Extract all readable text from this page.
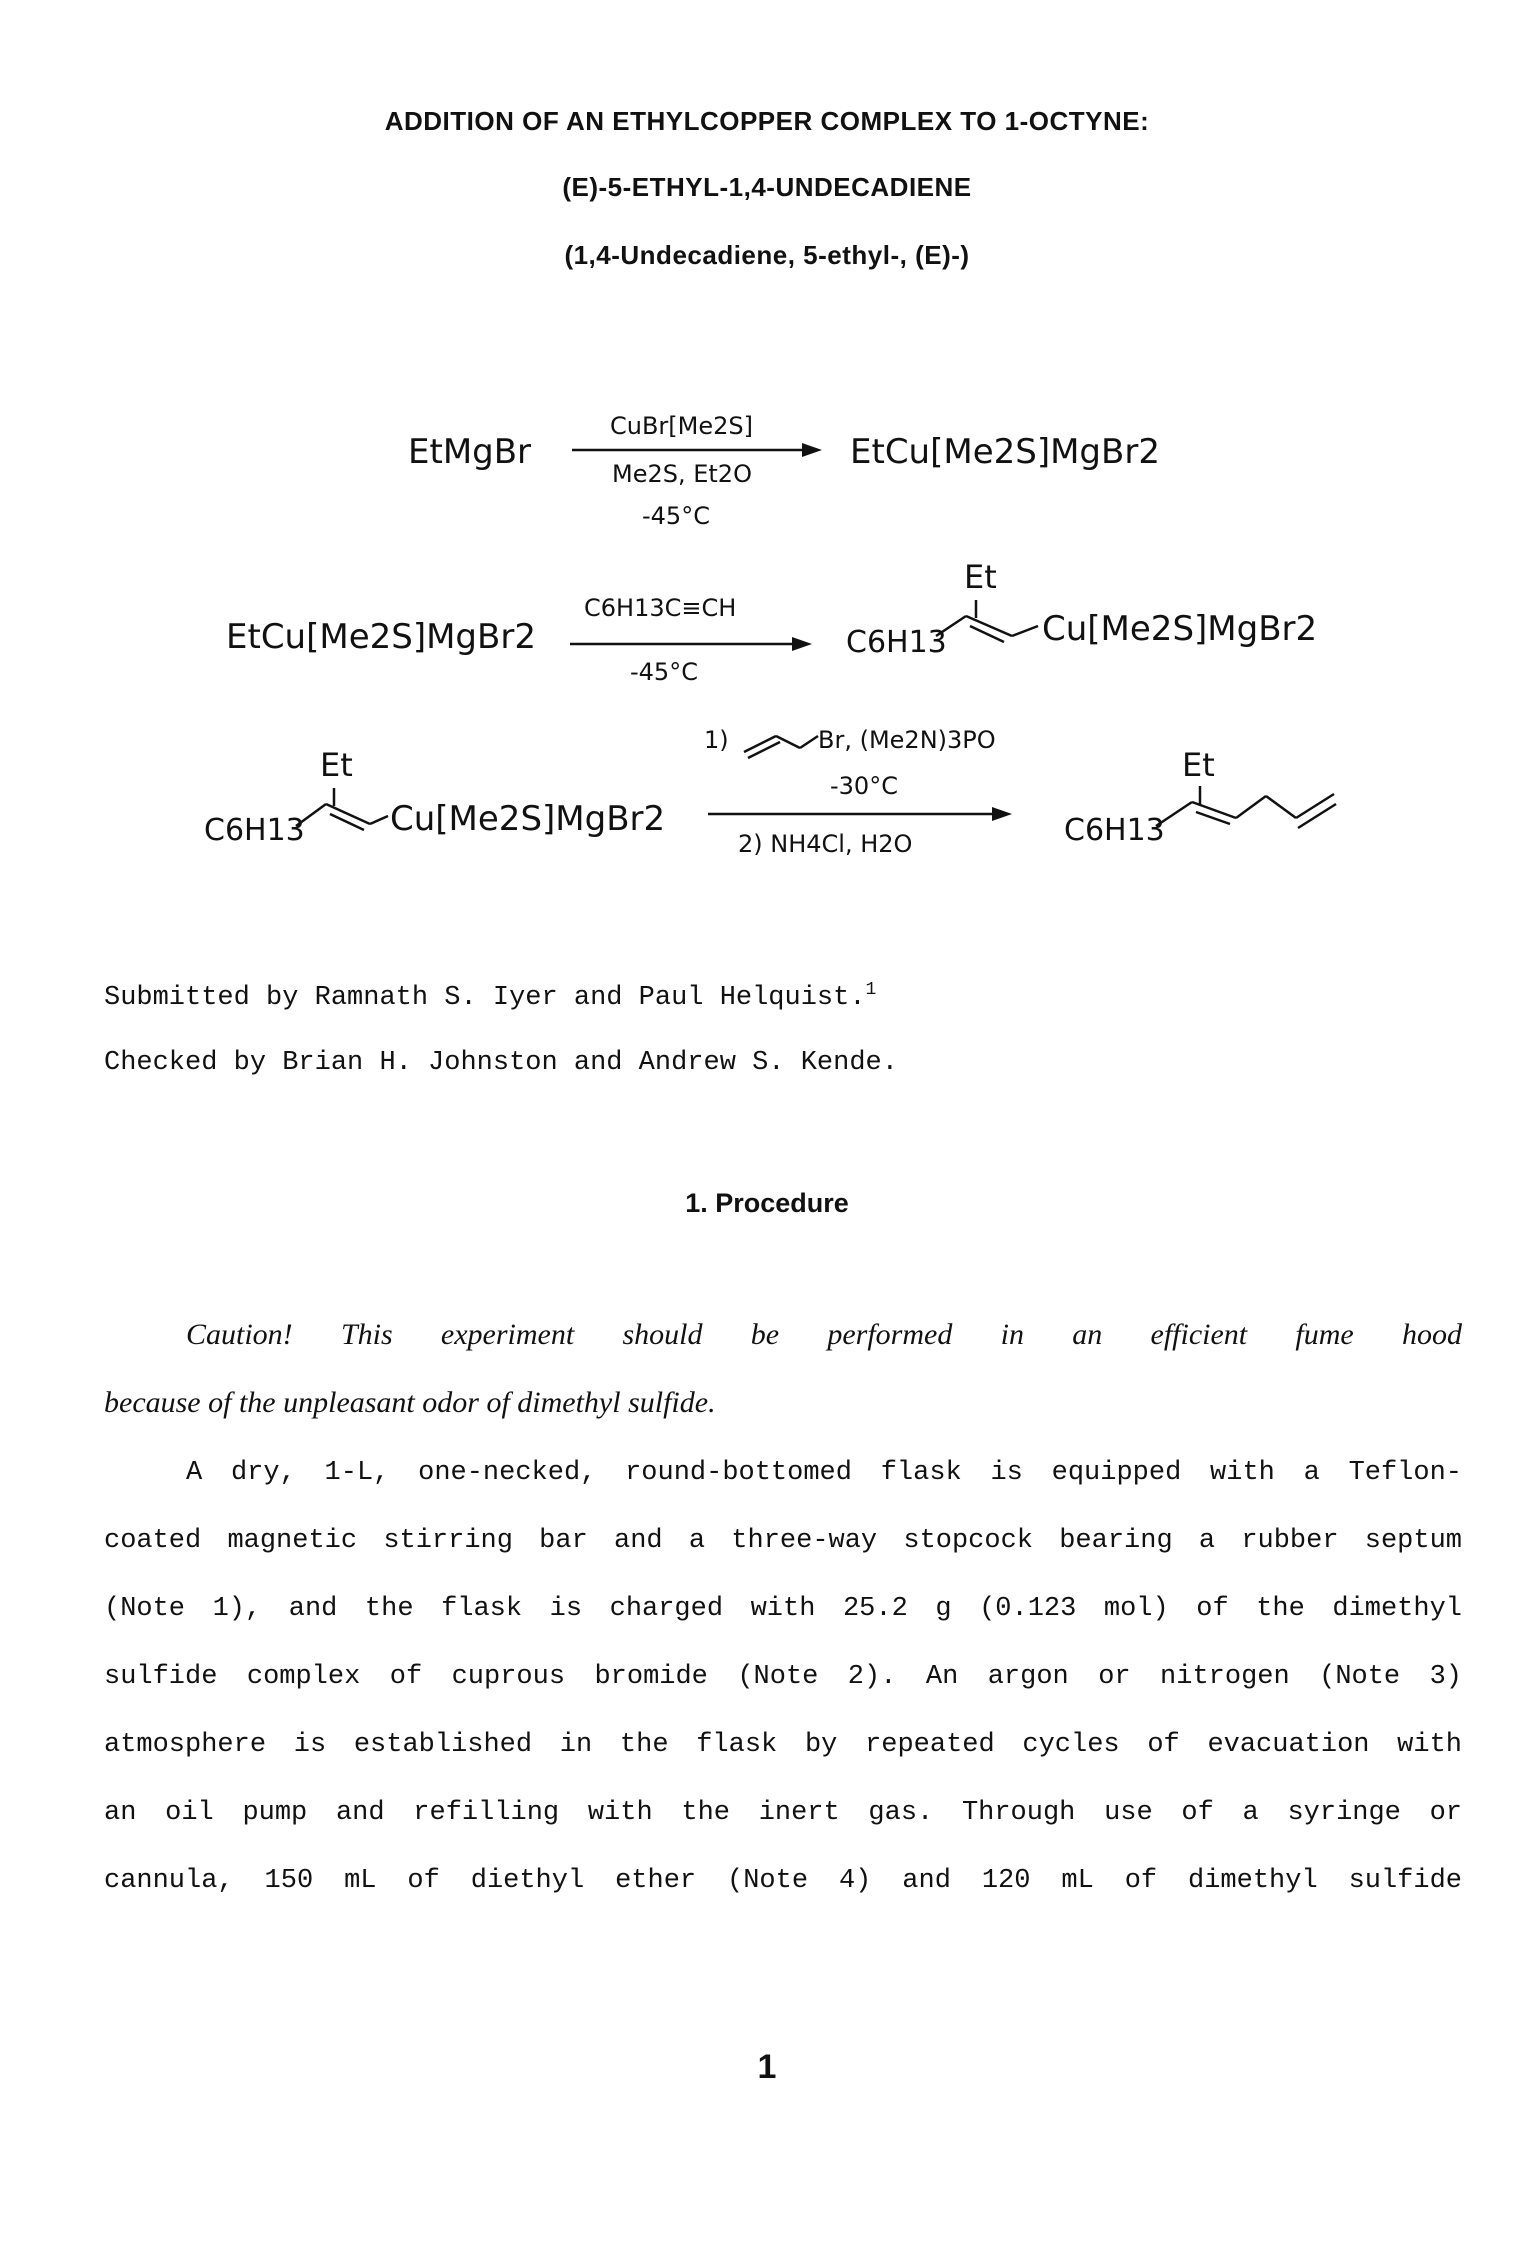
ADDITION OF AN ETHYLCOPPER COMPLEX TO 1-OCTYNE:
(E)-5-ETHYL-1,4-UNDECADIENE
(1,4-Undecadiene, 5-ethyl-, (E)-)
EtMgBr
CuBr[Me2S]
Me2S, Et2O
-45°C
EtCu[Me2S]MgBr2
EtCu[Me2S]MgBr2
C6H13C≡CH
-45°C
Et
C6H13	Cu[Me2S]MgBr2
Et
C6H13	Cu[Me2S]MgBr2
1)	Br, (Me2N)3PO
-30°C
2) NH4Cl, H2O
Et
C6H13
Submitted by Ramnath S. Iyer and Paul Helquist.$^1$
Checked by Brian H. Johnston and Andrew S. Kende.
1. Procedure
Caution! This experiment should be performed in an efficient fume hood
because of the unpleasant odor of dimethyl sulfide.
A dry, 1-L, one-necked, round-bottomed flask is equipped with a Teflon-
coated magnetic stirring bar and a three-way stopcock bearing a rubber septum
(Note 1), and the flask is charged with 25.2 g (0.123 mol) of the dimethyl
sulfide complex of cuprous bromide (Note 2). An argon or nitrogen (Note 3)
atmosphere is established in the flask by repeated cycles of evacuation with
an oil pump and refilling with the inert gas. Through use of a syringe or
cannula, 150 mL of diethyl ether (Note 4) and 120 mL of dimethyl sulfide
1
